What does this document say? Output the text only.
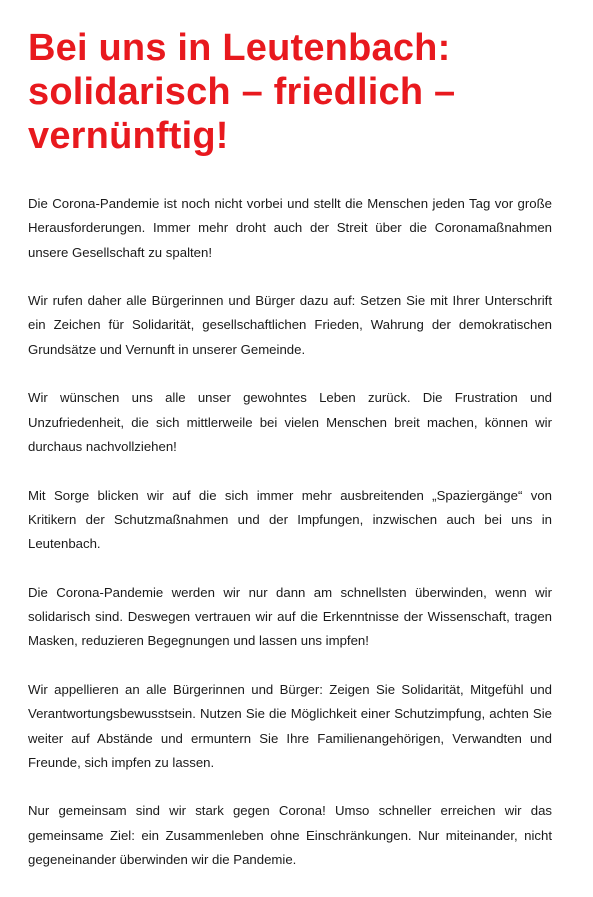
Bei uns in Leutenbach:
solidarisch – friedlich –
vernünftig!

Die Corona-Pandemie ist noch nicht vorbei und stellt die Menschen jeden Tag vor große Herausforderungen. Immer mehr droht auch der Streit über die Coronamaßnahmen unsere Gesellschaft zu spalten!

Wir rufen daher alle Bürgerinnen und Bürger dazu auf: Setzen Sie mit Ihrer Unterschrift ein Zeichen für Solidarität, gesellschaftlichen Frieden, Wahrung der demokratischen Grundsätze und Vernunft in unserer Gemeinde.

Wir wünschen uns alle unser gewohntes Leben zurück. Die Frustration und Unzufriedenheit, die sich mittlerweile bei vielen Menschen breit machen, können wir durchaus nachvollziehen!

Mit Sorge blicken wir auf die sich immer mehr ausbreitenden „Spaziergänge“ von Kritikern der Schutzmaßnahmen und der Impfungen, inzwischen auch bei uns in Leutenbach.

Die Corona-Pandemie werden wir nur dann am schnellsten überwinden, wenn wir solidarisch sind. Deswegen vertrauen wir auf die Erkenntnisse der Wissenschaft, tragen Masken, reduzieren Begegnungen und lassen uns impfen!

Wir appellieren an alle Bürgerinnen und Bürger: Zeigen Sie Solidarität, Mitgefühl und Verantwortungsbewusstsein. Nutzen Sie die Möglichkeit einer Schutzimpfung, achten Sie weiter auf Abstände und ermuntern Sie Ihre Familienangehörigen, Verwandten und Freunde, sich impfen zu lassen.

Nur gemeinsam sind wir stark gegen Corona! Umso schneller erreichen wir das gemeinsame Ziel: ein Zusammenleben ohne Einschränkungen. Nur miteinander, nicht gegeneinander überwinden wir die Pandemie.
